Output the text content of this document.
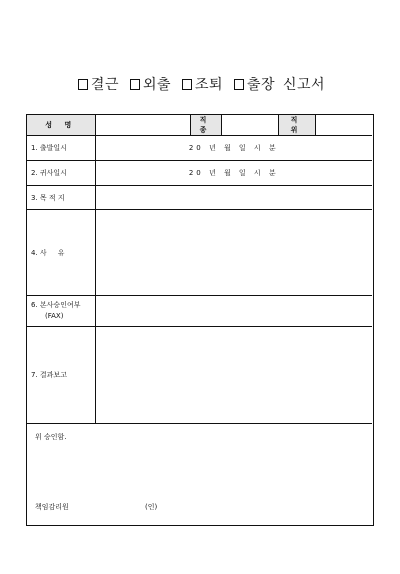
결근 외출 조퇴 출장 신고서
성 명		직 종		직 위	
1. 출발일시	20 년 월 일 시 분				
2. 귀사일시	20 년 월 일 시 분				
3. 목 적 지					
4. 사     유					

6. 본사승인여부
(FAX)					

7. 결과보고					
위 승인함.
책임감리원	(인)
